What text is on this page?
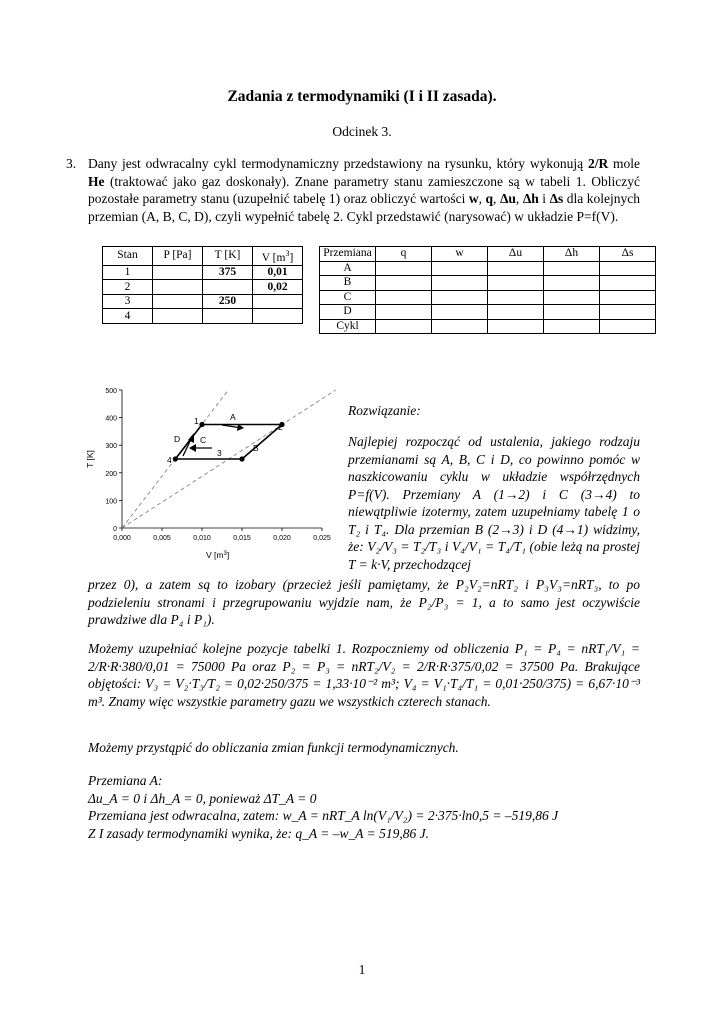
Zadania z termodynamiki (I i II zasada).
Odcinek 3.
3. Dany jest odwracalny cykl termodynamiczny przedstawiony na rysunku, który wykonują 2/R mole He (traktować jako gaz doskonały). Znane parametry stanu zamieszczone są w tabeli 1. Obliczyć pozostałe parametry stanu (uzupełnić tabelę 1) oraz obliczyć wartości w, q, Δu, Δh i Δs dla kolejnych przemian (A, B, C, D), czyli wypełnić tabelę 2. Cykl przedstawić (narysować) w układzie P=f(V).
Stan	P [Pa]	T [K]	V $[m^3]$
1		375	0,01
2			0,02
3		250	
4			
Przemiana	q	w	Δu	Δh	Δs
A					
B					
C					
D					
Cykl					
0
100
200
300
400
500
0,000	0,005	0,010	0,015	0,020	0,025
2
1
3
4
A
B
C
D
T [K]
V $[m^3]$
Rozwiązanie:
Najlepiej rozpocząć od ustalenia, jakiego rodzaju przemianami są A, B, C i D, co powinno pomóc w naszkicowaniu cyklu w układzie współrzędnych P=f(V). Przemiany A (1→2) i C (3→4) to niewątpliwie izotermy, zatem uzupełniamy tabelę 1 o T₂ i T₄. Dla przemian B (2→3) i D (4→1) widzimy, że: V₂/V₃ = T₂/T₃ i V₄/V₁ = T₄/T₁ (obie leżą na prostej T = k·V, przechodzącej
przez 0), a zatem są to izobary (przecież jeśli pamiętamy, że P₂V₂=nRT₂ i P₃V₃=nRT₃, to po podzieleniu stronami i przegrupowaniu wyjdzie nam, że P₂/P₃ = 1, a to samo jest oczywiście prawdziwe dla P₄ i P₁).
Możemy uzupełniać kolejne pozycje tabelki 1. Rozpoczniemy od obliczenia P₁ = P₄ = nRT₁/V₁ = 2/R·R·380/0,01 = 75000 Pa oraz P₂ = P₃ = nRT₂/V₂ = 2/R·R·375/0,02 = 37500 Pa. Brakujące objętości: V₃ = V₂·T₃/T₂ = 0,02·250/375 = 1,33·10⁻² m³; V₄ = V₁·T₄/T₁ = 0,01·250/375) = 6,67·10⁻³ m³. Znamy więc wszystkie parametry gazu we wszystkich czterech stanach.
Możemy przystąpić do obliczania zmian funkcji termodynamicznych.
Przemiana A:
Δu_A = 0 i Δh_A = 0, ponieważ ΔT_A = 0
Przemiana jest odwracalna, zatem: w_A = nRT_A ln(V₁/V₂) = 2·375·ln0,5 = –519,86 J
Z I zasady termodynamiki wynika, że: q_A = –w_A = 519,86 J.
1
